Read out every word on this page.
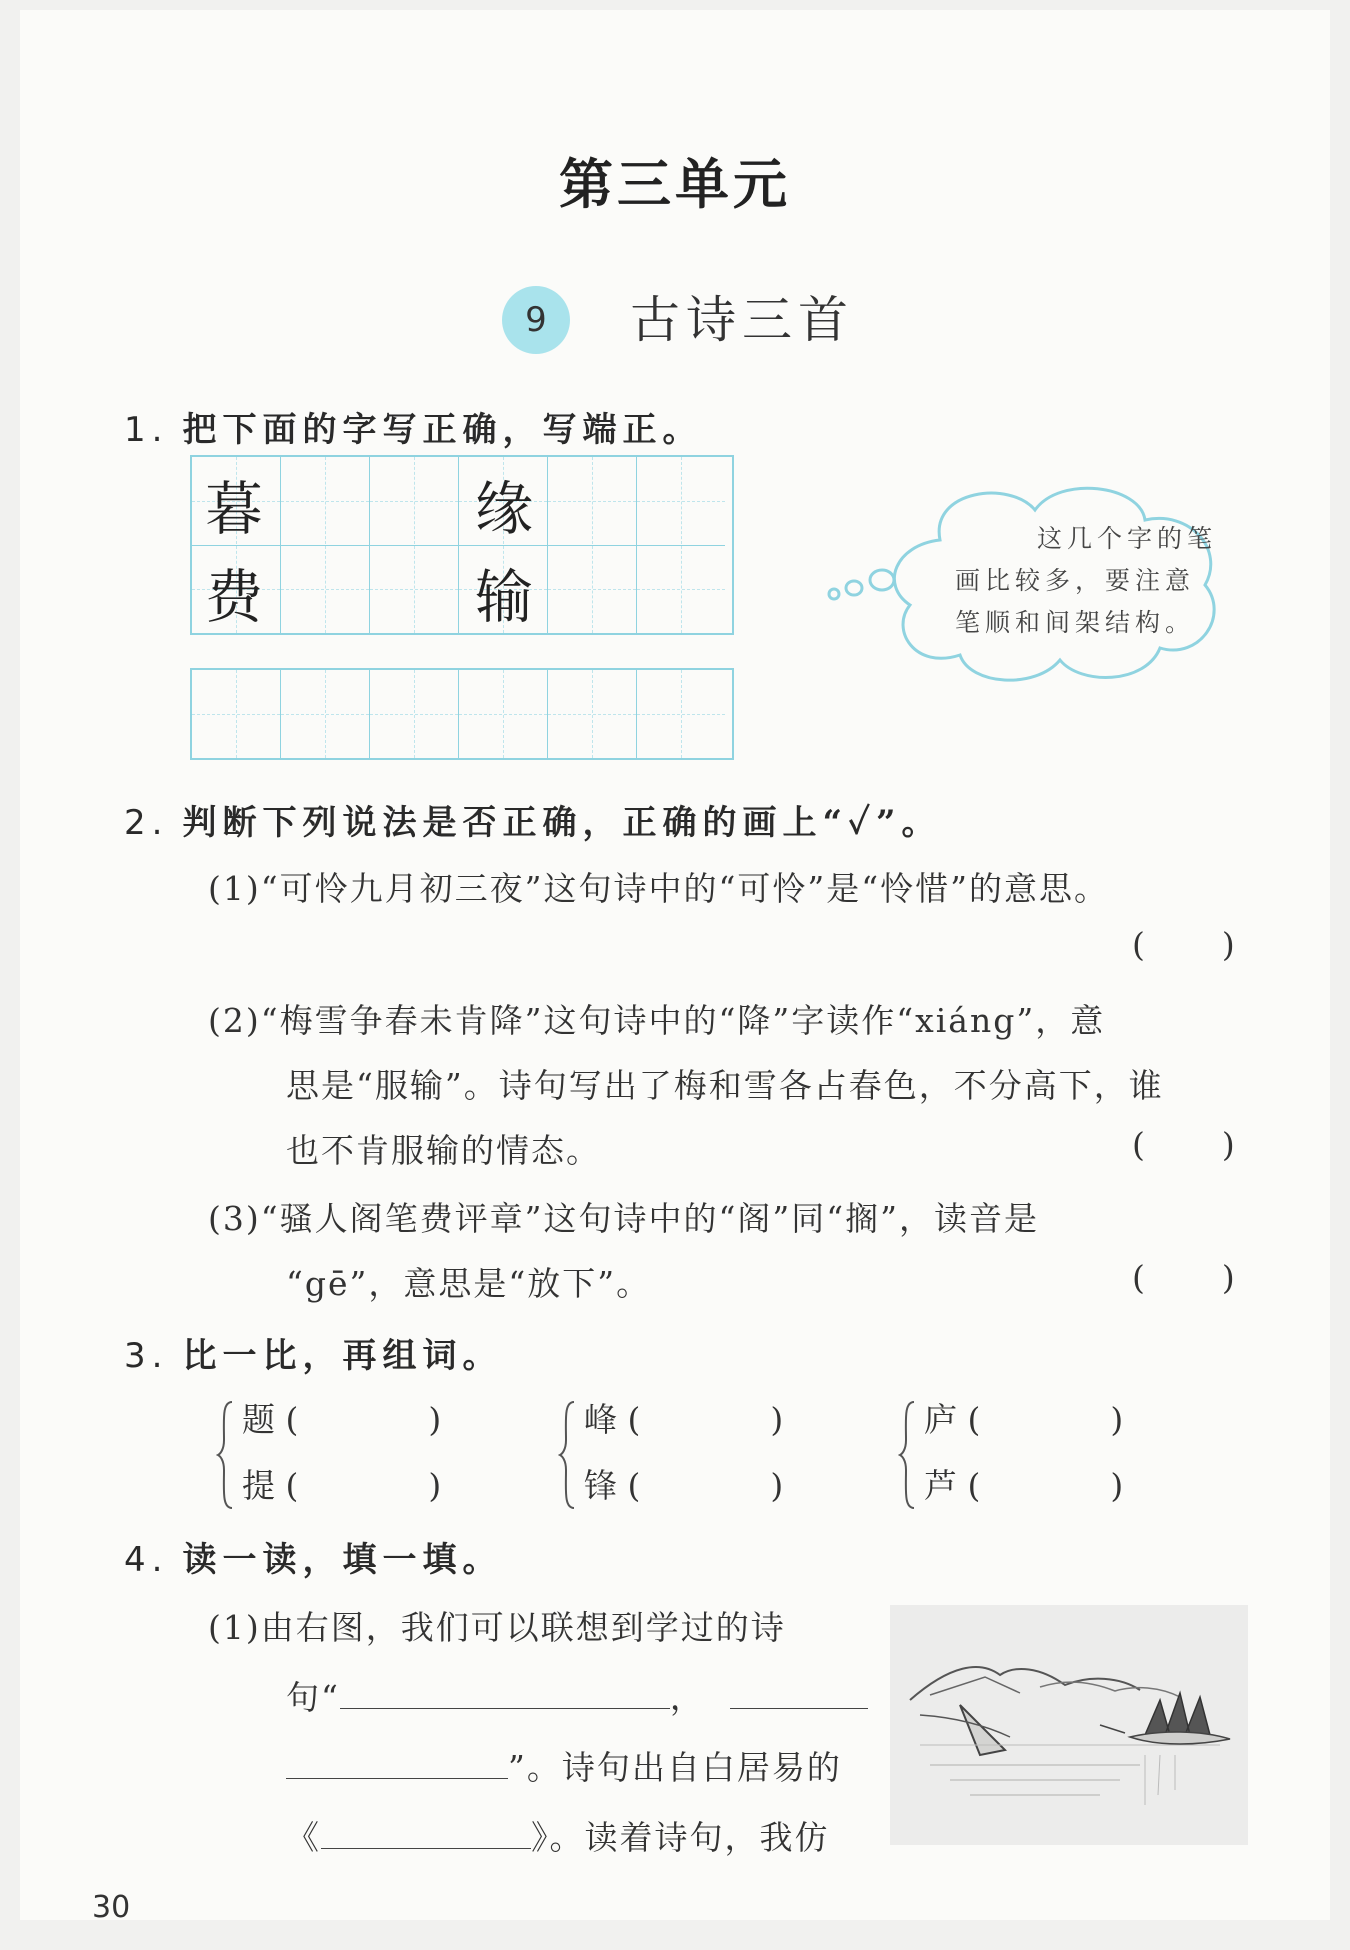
第三单元
9	古诗三首
1. 把下面的字写正确，写端正。
暮	缘
费	输
这几个字的笔
画比较多，要注意
笔顺和间架结构。
2. 判断下列说法是否正确，正确的画上“✓”。
(1)“可怜九月初三夜”这句诗中的“可怜”是“怜惜”的意思。
(      )
(2)“梅雪争春未肯降”这句诗中的“降”字读作“xiáng”，意
思是“服输”。诗句写出了梅和雪各占春色，不分高下，谁
也不肯服输的情态。	(      )
(3)“骚人阁笔费评章”这句诗中的“阁”同“搁”，读音是
“gē”，意思是“放下”。	(      )
3. 比一比，再组词。
题 (	)
提 (	)
峰 (	)
锋 (	)
庐 (	)
芦 (	)
4. 读一读，填一填。
(1)由右图，我们可以联想到学过的诗
句“	，
”。诗句出自白居易的
《	》。读着诗句，我仿
30
